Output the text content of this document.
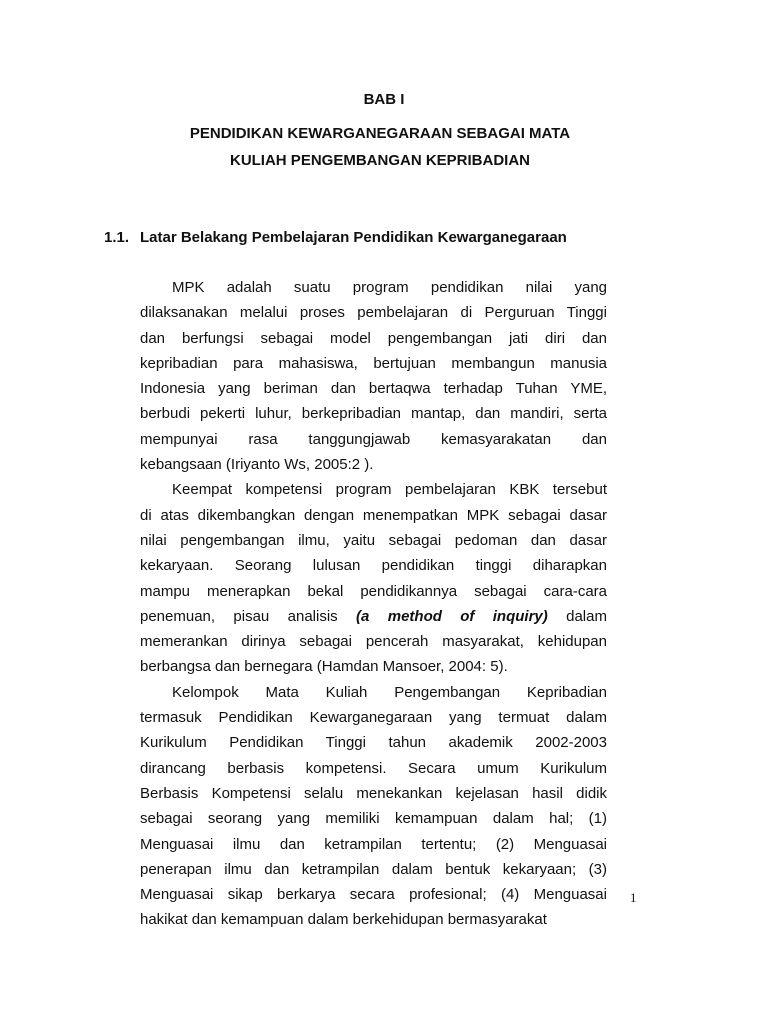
BAB I
PENDIDIKAN KEWARGANEGARAAN SEBAGAI MATA
KULIAH PENGEMBANGAN KEPRIBADIAN
1.1. Latar Belakang Pembelajaran Pendidikan Kewarganegaraan
MPK adalah suatu program pendidikan nilai yang
dilaksanakan melalui proses pembelajaran di Perguruan Tinggi
dan berfungsi sebagai model pengembangan jati diri dan
kepribadian para mahasiswa, bertujuan membangun manusia
Indonesia yang beriman dan bertaqwa terhadap Tuhan YME,
berbudi pekerti luhur, berkepribadian mantap, dan mandiri, serta
mempunyai rasa tanggungjawab kemasyarakatan dan
kebangsaan (Iriyanto Ws, 2005:2 ).
Keempat kompetensi program pembelajaran KBK tersebut
di atas dikembangkan dengan menempatkan MPK sebagai dasar
nilai pengembangan ilmu, yaitu sebagai pedoman dan dasar
kekaryaan. Seorang lulusan pendidikan tinggi diharapkan
mampu menerapkan bekal pendidikannya sebagai cara-cara
penemuan, pisau analisis (a method of inquiry) dalam
memerankan dirinya sebagai pencerah masyarakat, kehidupan
berbangsa dan bernegara (Hamdan Mansoer, 2004: 5).
Kelompok Mata Kuliah Pengembangan Kepribadian
termasuk Pendidikan Kewarganegaraan yang termuat dalam
Kurikulum Pendidikan Tinggi tahun akademik 2002-2003
dirancang berbasis kompetensi. Secara umum Kurikulum
Berbasis Kompetensi selalu menekankan kejelasan hasil didik
sebagai seorang yang memiliki kemampuan dalam hal; (1)
Menguasai ilmu dan ketrampilan tertentu; (2) Menguasai
penerapan ilmu dan ketrampilan dalam bentuk kekaryaan; (3)
Menguasai sikap berkarya secara profesional; (4) Menguasai
hakikat dan kemampuan dalam berkehidupan bermasyarakat
1
